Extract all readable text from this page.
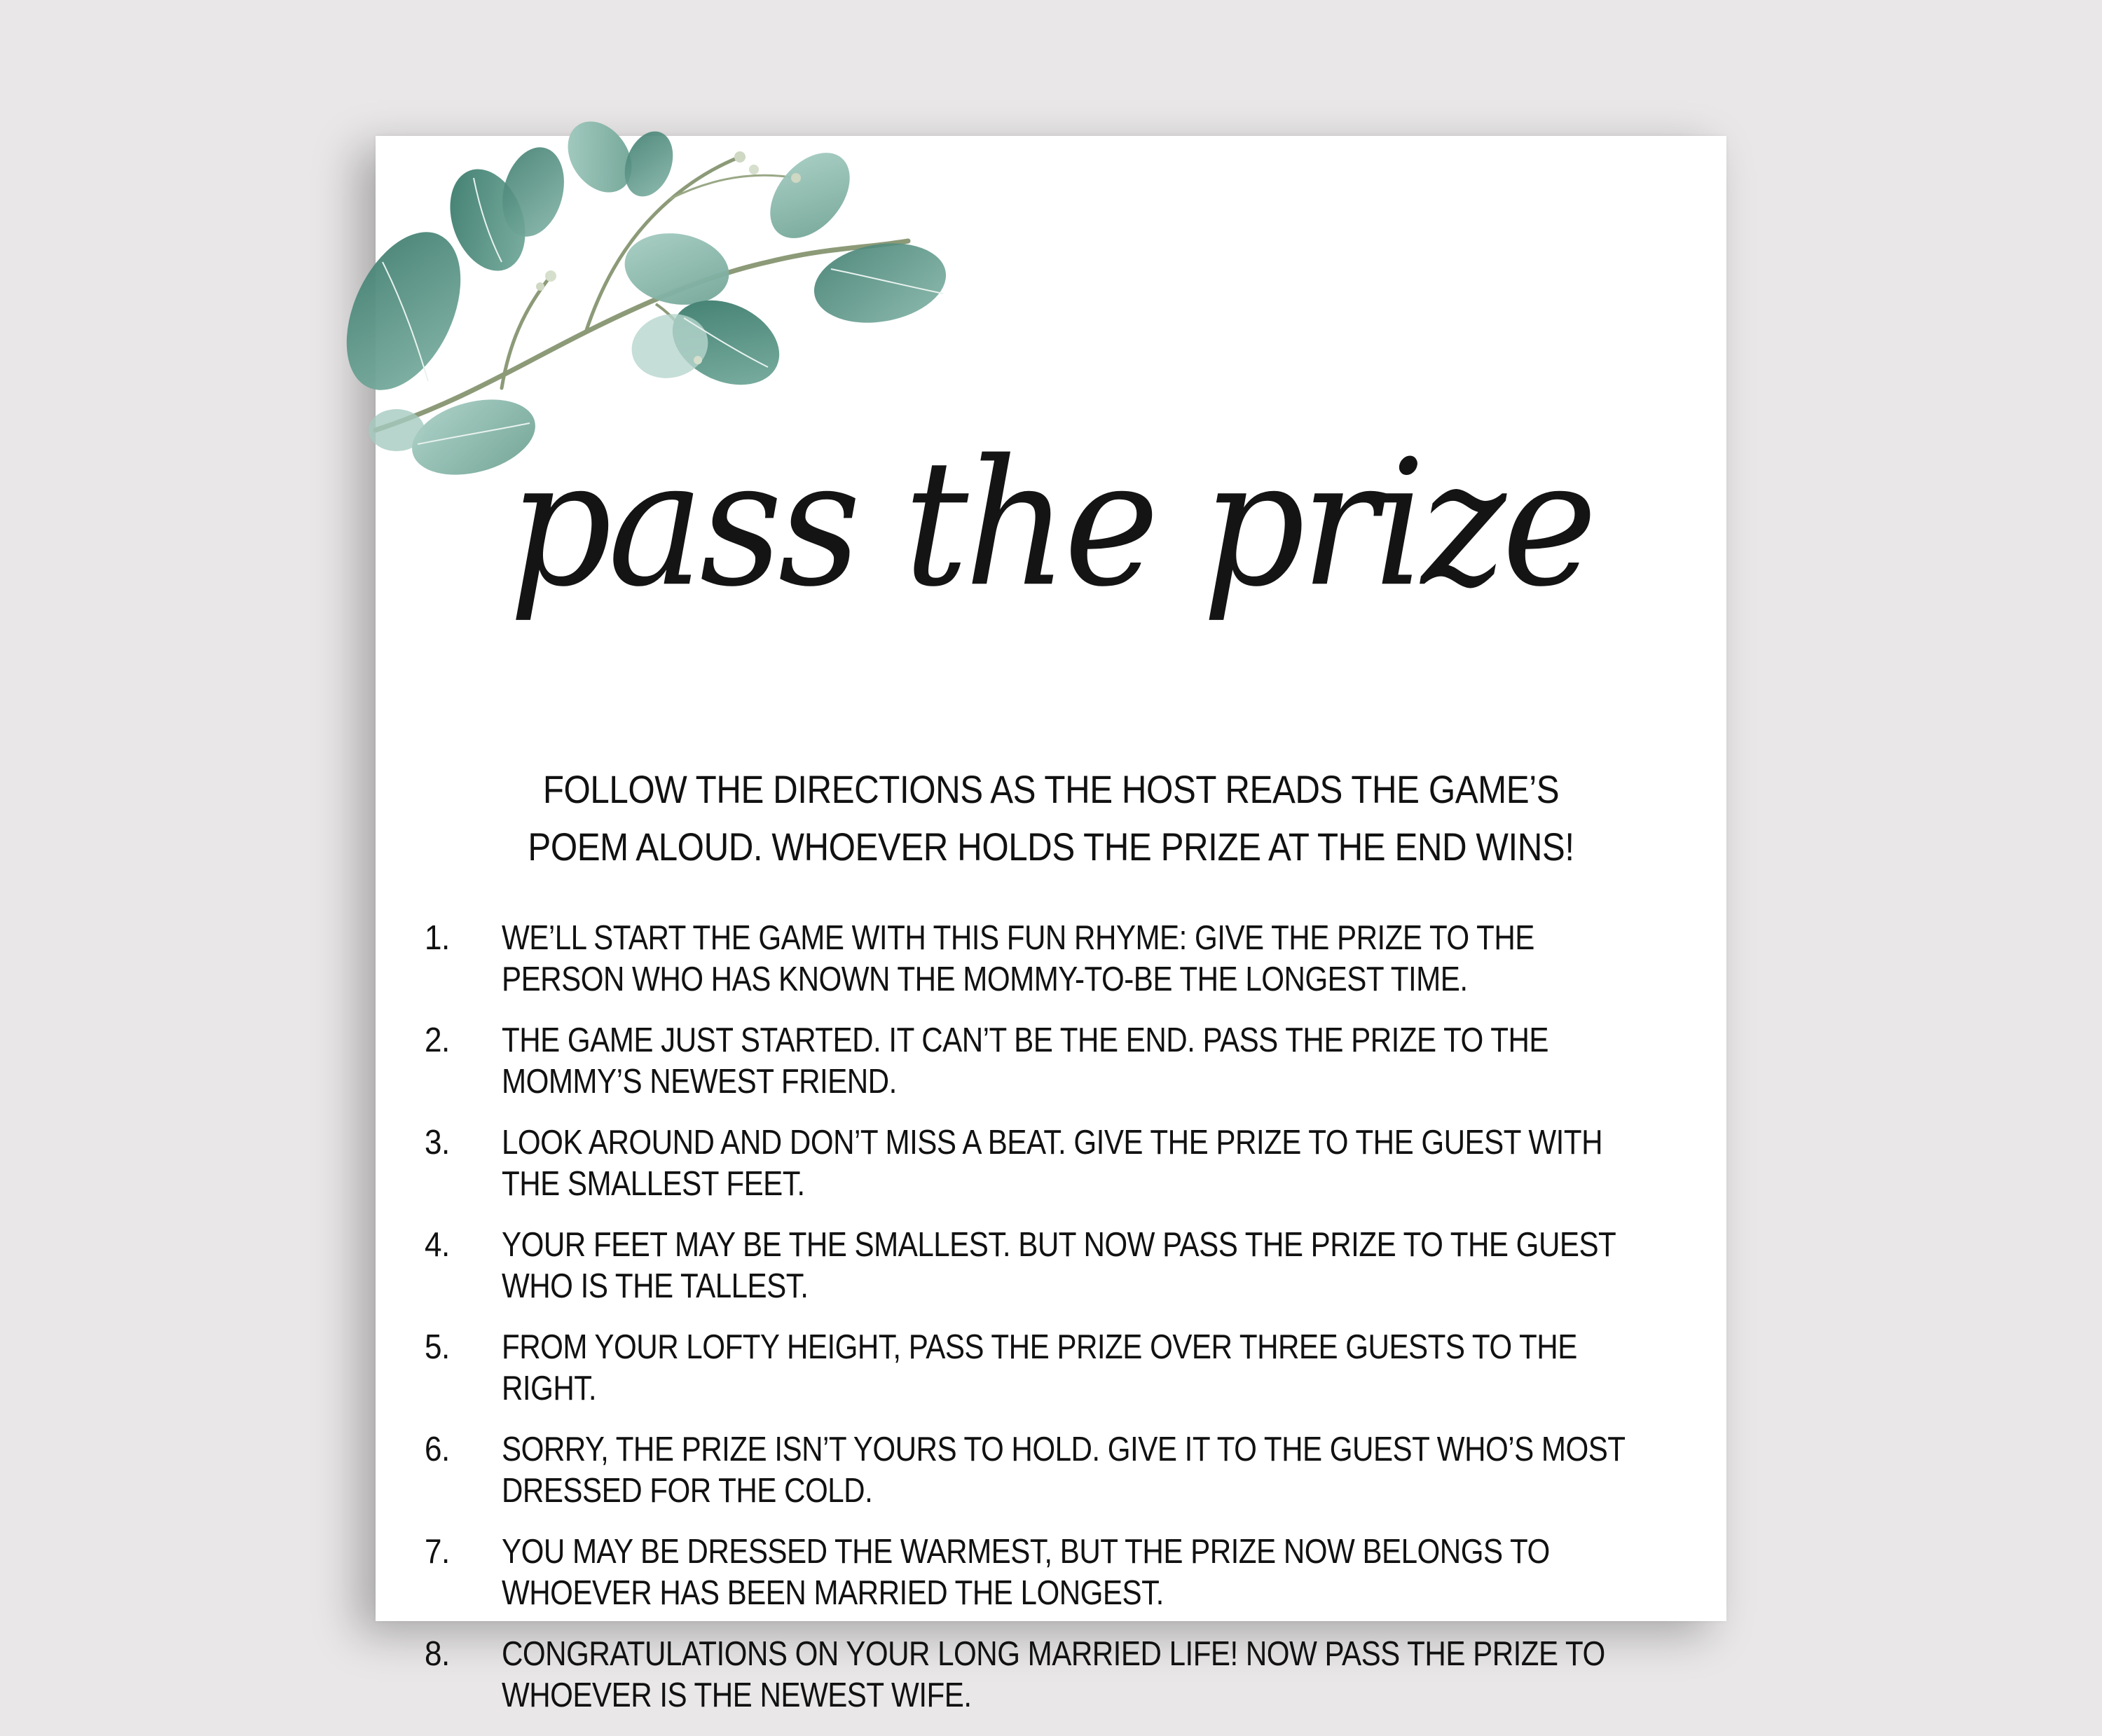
pass the prize
FOLLOW THE DIRECTIONS AS THE HOST READS THE GAME’S POEM ALOUD. WHOEVER HOLDS THE PRIZE AT THE END WINS!
1.	WE’LL START THE GAME WITH THIS FUN RHYME: GIVE THE PRIZE TO THE PERSON WHO HAS KNOWN THE MOMMY-TO-BE THE LONGEST TIME.
2.	THE GAME JUST STARTED. IT CAN’T BE THE END. PASS THE PRIZE TO THE MOMMY’S NEWEST FRIEND.
3.	LOOK AROUND AND DON’T MISS A BEAT. GIVE THE PRIZE TO THE GUEST WITH THE SMALLEST FEET.
4.	YOUR FEET MAY BE THE SMALLEST. BUT NOW PASS THE PRIZE TO THE GUEST WHO IS THE TALLEST.
5.	FROM YOUR LOFTY HEIGHT, PASS THE PRIZE OVER THREE GUESTS TO THE RIGHT.
6.	SORRY, THE PRIZE ISN’T YOURS TO HOLD. GIVE IT TO THE GUEST WHO’S MOST DRESSED FOR THE COLD.
7.	YOU MAY BE DRESSED THE WARMEST, BUT THE PRIZE NOW BELONGS TO WHOEVER HAS BEEN MARRIED THE LONGEST.
8.	CONGRATULATIONS ON YOUR LONG MARRIED LIFE! NOW PASS THE PRIZE TO WHOEVER IS THE NEWEST WIFE.
